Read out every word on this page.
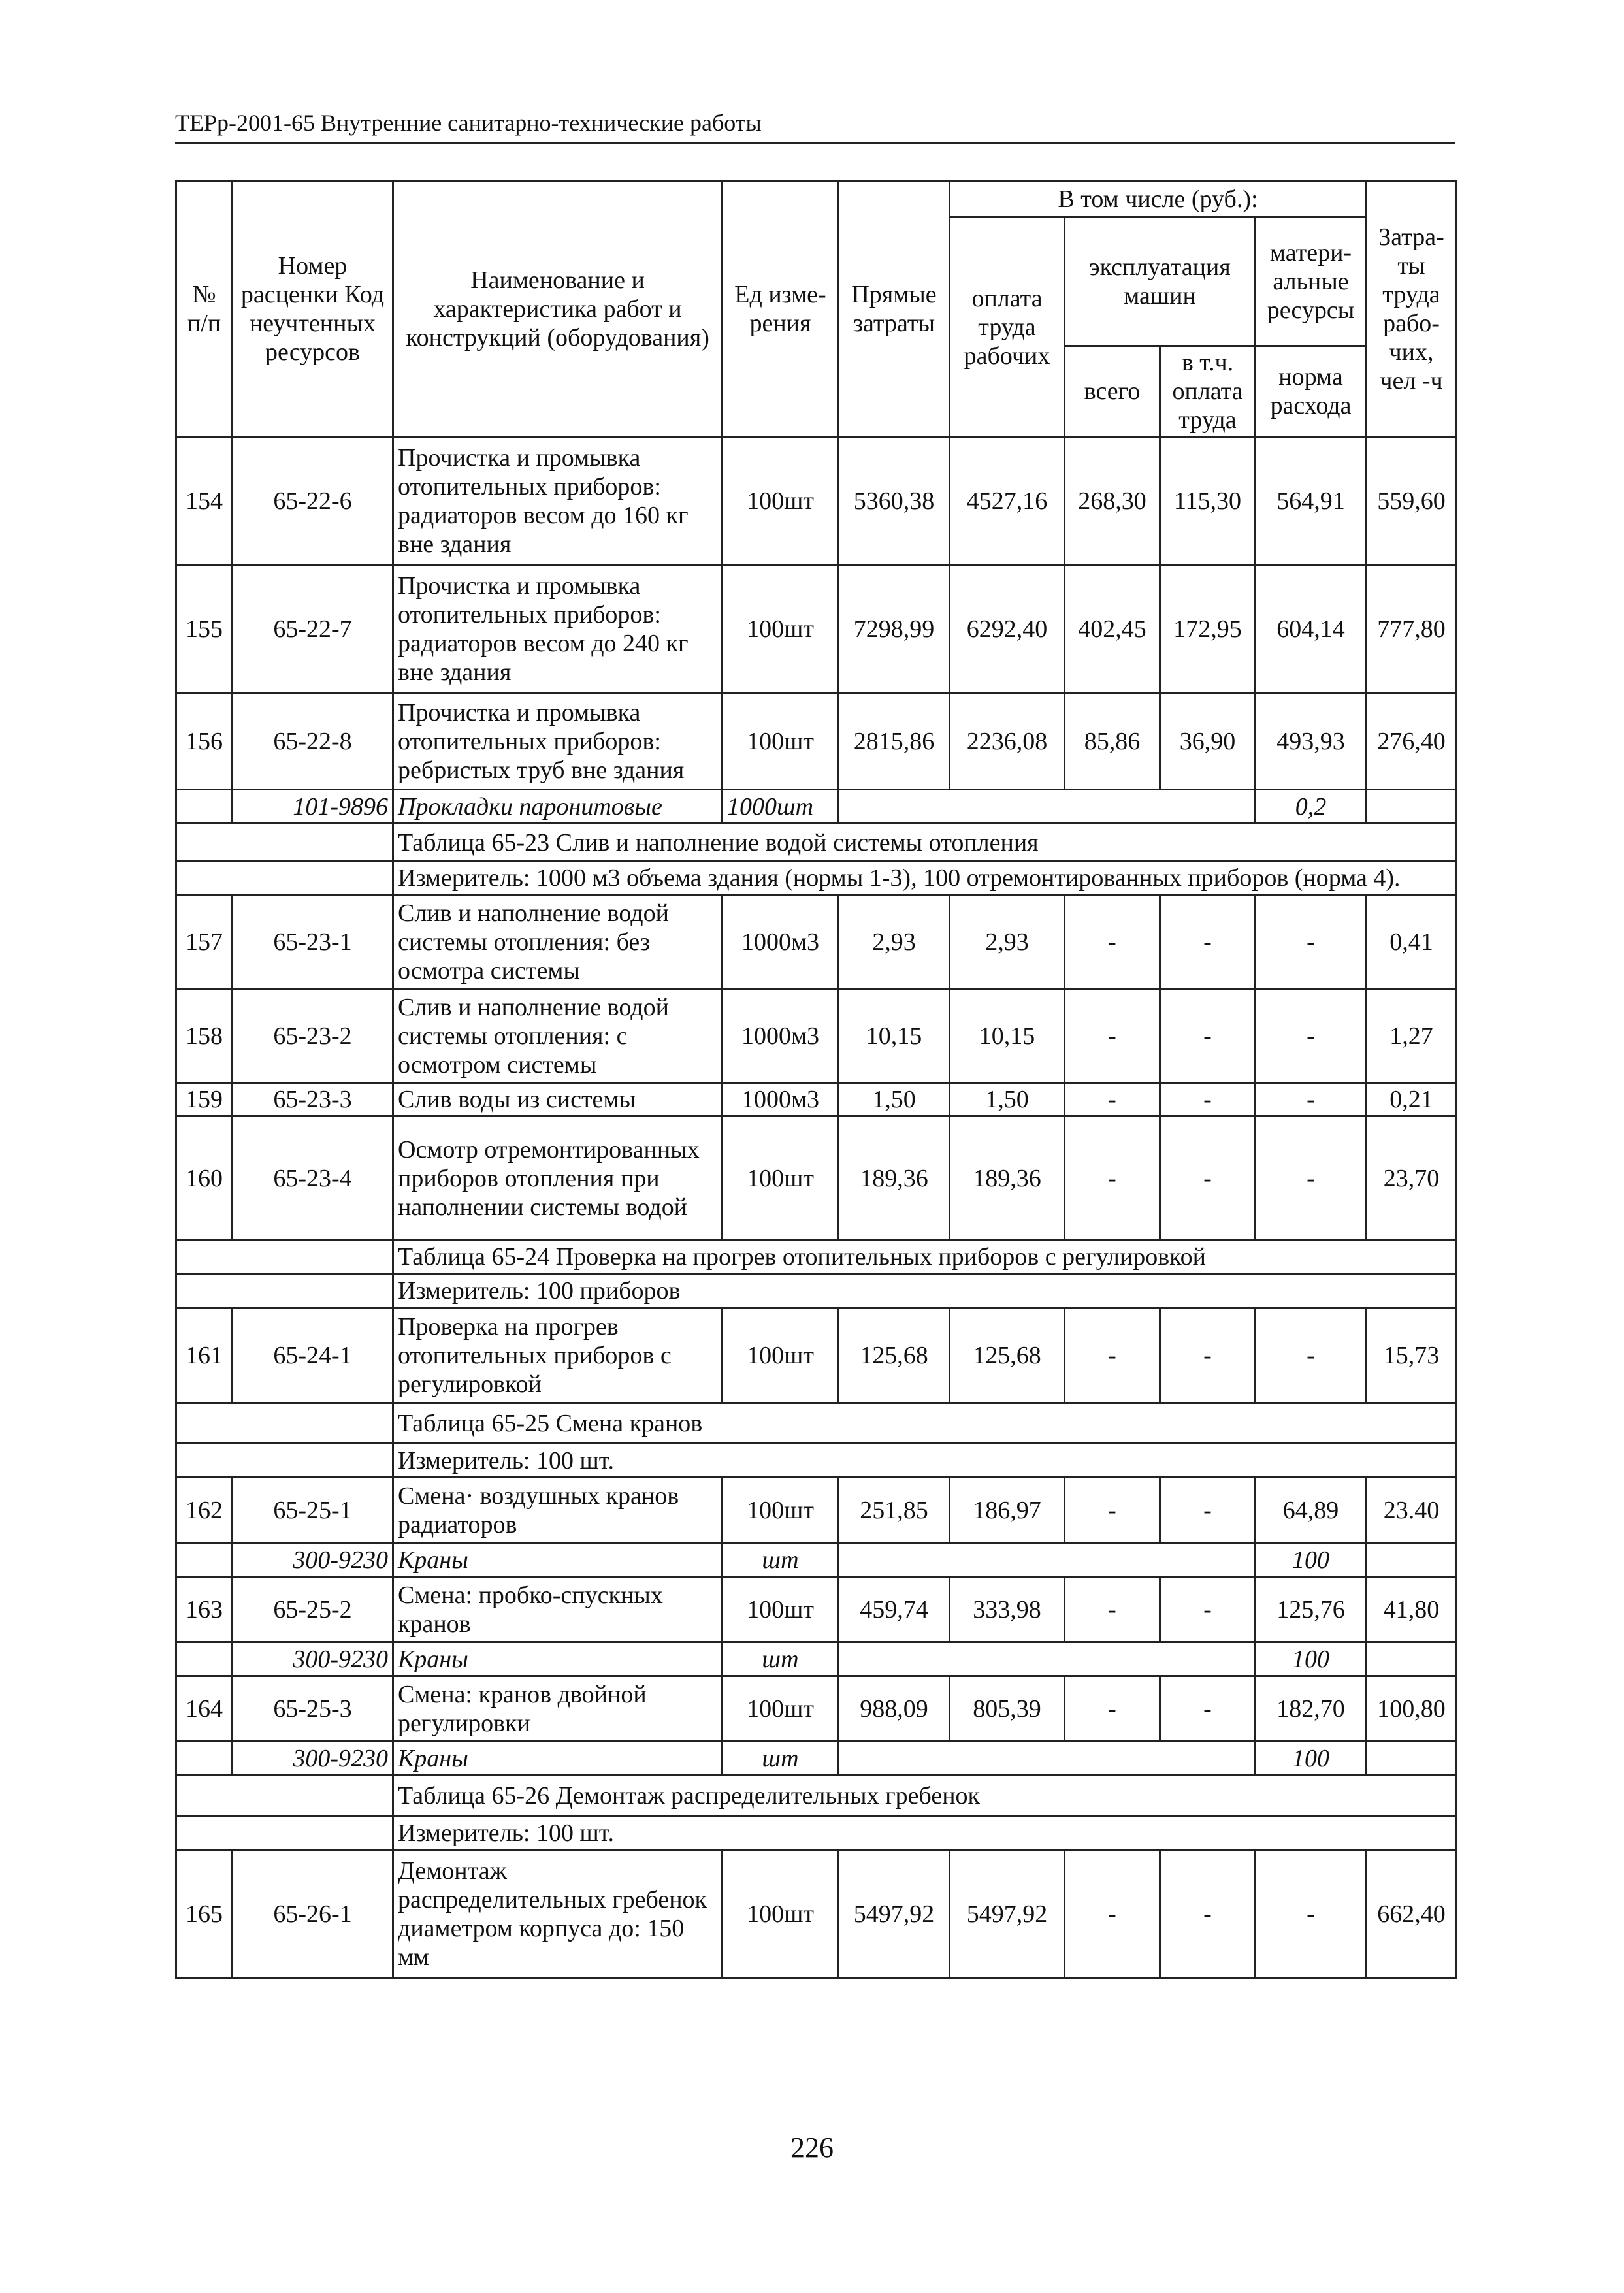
ТЕРр-2001-65 Внутренние санитарно-технические работы
№ п/п	Номер расценки Код неучтенных ресурсов	Наименование и характеристика работ и конструкций (оборудования)	Ед изме-рения	Прямые затраты	В том числе (руб.):				Затра-ты труда рабо-чих, чел -ч
					оплата труда рабочих	эксплуатация машин		матери-альные ресурсы	
						всего	в т.ч. оплата труда	норма расхода	

154	65-22-6	Прочистка и промывка отопительных приборов: радиаторов весом до 160 кг вне здания	100шт	5360,38	4527,16	268,30	115,30	564,91	559,60
155	65-22-7	Прочистка и промывка отопительных приборов: радиаторов весом до 240 кг вне здания	100шт	7298,99	6292,40	402,45	172,95	604,14	777,80
156	65-22-8	Прочистка и промывка отопительных приборов: ребристых труб вне здания	100шт	2815,86	2236,08	85,86	36,90	493,93	276,40
	101-9896	Прокладки паронитовые	1000шт					0,2	
		Таблица 65-23 Слив и наполнение водой системы отопления							
		Измеритель: 1000 м3 объема здания (нормы 1-3), 100 отремонтированных приборов (норма 4).							
157	65-23-1	Слив и наполнение водой системы отопления: без осмотра системы	1000м3	2,93	2,93	-	-	-	0,41
158	65-23-2	Слив и наполнение водой системы отопления: с осмотром системы	1000м3	10,15	10,15	-	-	-	1,27
159	65-23-3	Слив воды из системы	1000м3	1,50	1,50	-	-	-	0,21
160	65-23-4	Осмотр отремонтированных приборов отопления при наполнении системы водой	100шт	189,36	189,36	-	-	-	23,70
		Таблица 65-24 Проверка на прогрев отопительных приборов с регулировкой							
		Измеритель: 100 приборов							
161	65-24-1	Проверка на прогрев отопительных приборов с регулировкой	100шт	125,68	125,68	-	-	-	15,73
		Таблица 65-25 Смена кранов							
		Измеритель: 100 шт.							
162	65-25-1	Смена· воздушных кранов радиаторов	100шт	251,85	186,97	-	-	64,89	23.40
	300-9230	Краны	шт					100	
163	65-25-2	Смена: пробко-спускных кранов	100шт	459,74	333,98	-	-	125,76	41,80
	300-9230	Краны	шт					100	
164	65-25-3	Смена: кранов двойной регулировки	100шт	988,09	805,39	-	-	182,70	100,80
	300-9230	Краны	шт					100	
		Таблица 65-26 Демонтаж распределительных гребенок							
		Измеритель: 100 шт.							
165	65-26-1	Демонтаж распределительных гребенок диаметром корпуса до: 150 мм	100шт	5497,92	5497,92	-	-	-	662,40
226
